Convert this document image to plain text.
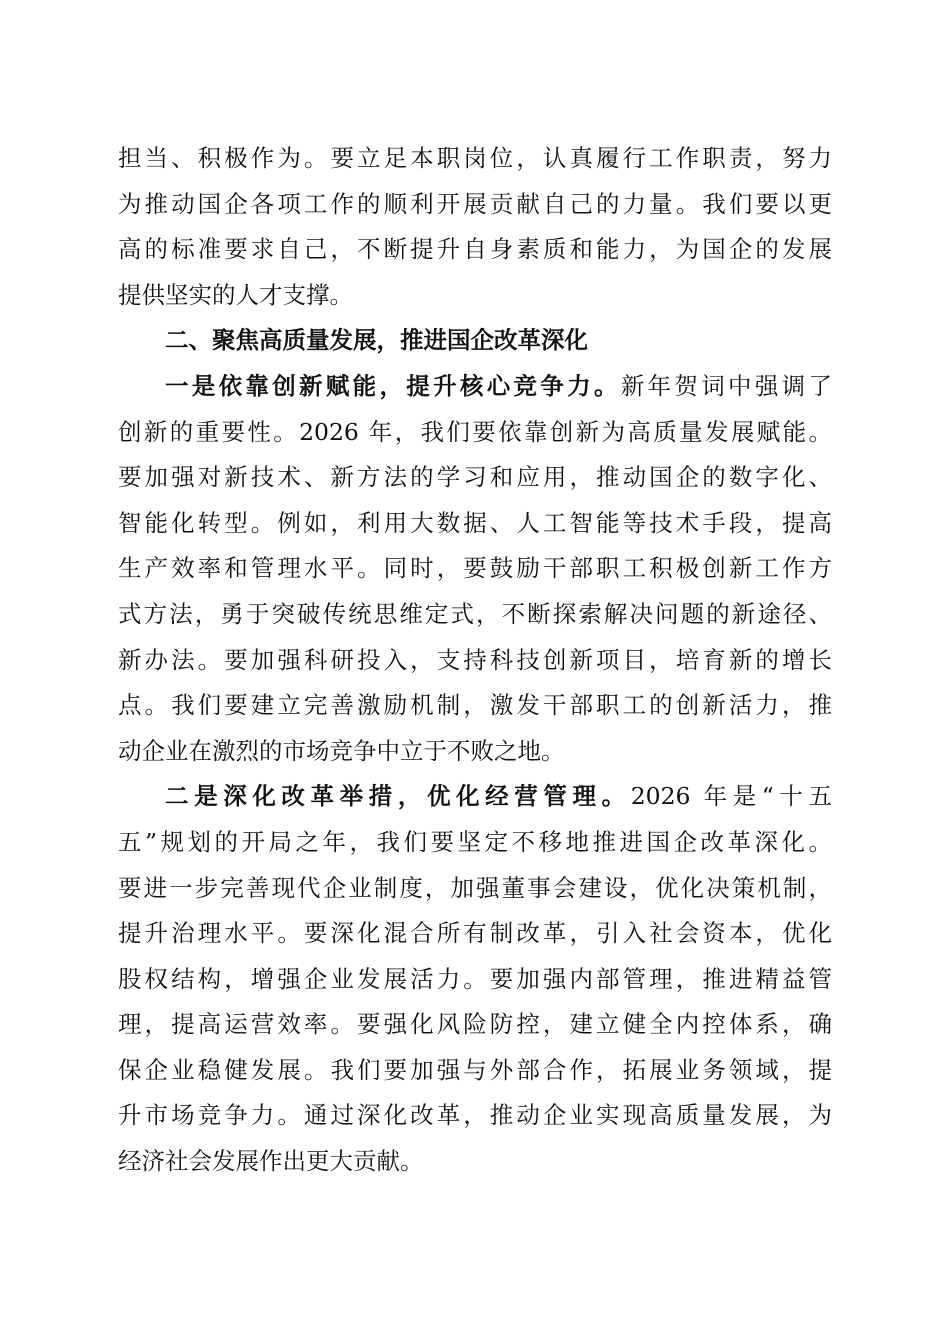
担当、积极作为。要立足本职岗位，认真履行工作职责，努力
为推动国企各项工作的顺利开展贡献自己的力量。我们要以更
高的标准要求自己，不断提升自身素质和能力，为国企的发展
提供坚实的人才支撑。
二、聚焦高质量发展，推进国企改革深化
一是依靠创新赋能，提升核心竞争力。新年贺词中强调了
创新的重要性。2026 年，我们要依靠创新为高质量发展赋能。
要加强对新技术、新方法的学习和应用，推动国企的数字化、
智能化转型。例如，利用大数据、人工智能等技术手段，提高
生产效率和管理水平。同时，要鼓励干部职工积极创新工作方
式方法，勇于突破传统思维定式，不断探索解决问题的新途径、
新办法。要加强科研投入，支持科技创新项目，培育新的增长
点。我们要建立完善激励机制，激发干部职工的创新活力，推
动企业在激烈的市场竞争中立于不败之地。
二是深化改革举措，优化经营管理。2026 年是“十五
五”规划的开局之年，我们要坚定不移地推进国企改革深化。
要进一步完善现代企业制度，加强董事会建设，优化决策机制，
提升治理水平。要深化混合所有制改革，引入社会资本，优化
股权结构，增强企业发展活力。要加强内部管理，推进精益管
理，提高运营效率。要强化风险防控，建立健全内控体系，确
保企业稳健发展。我们要加强与外部合作，拓展业务领域，提
升市场竞争力。通过深化改革，推动企业实现高质量发展，为
经济社会发展作出更大贡献。
